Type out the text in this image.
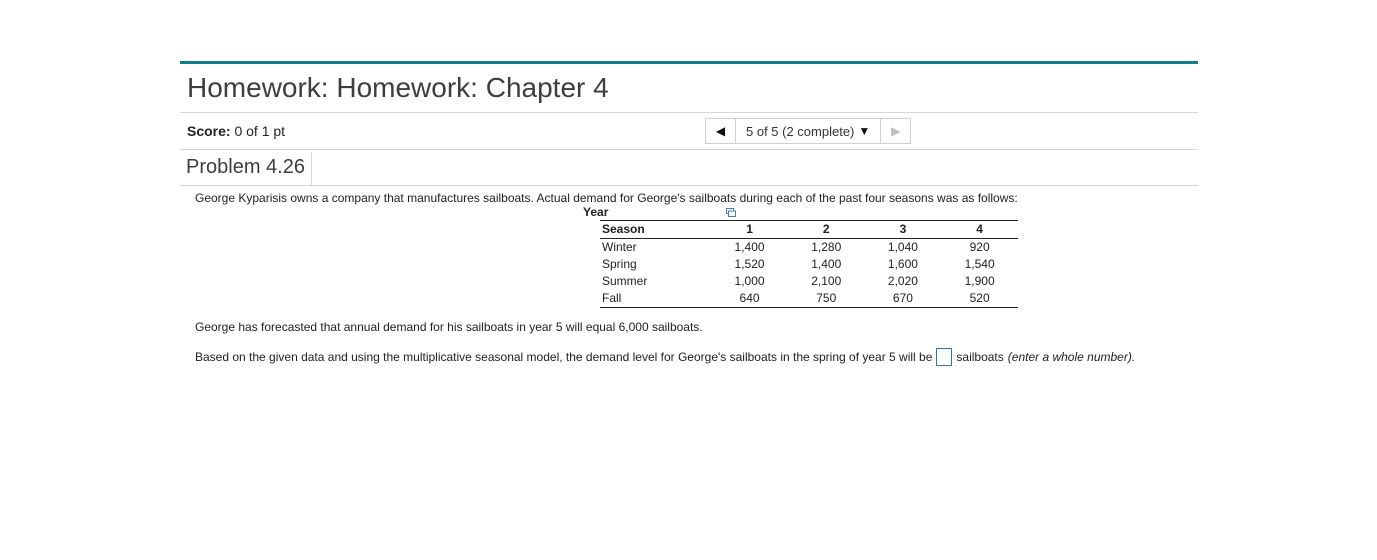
Homework: Homework: Chapter 4
Score: 0 of 1 pt	◀ 5 of 5 (2 complete) ▼ ▶
Problem 4.26
George Kyparisis owns a company that manufactures sailboats. Actual demand for George's sailboats during each of the past four seasons was as follows:
Year
Season	1	2	3	4
Winter	1,400	1,280	1,040	920
Spring	1,520	1,400	1,600	1,540
Summer	1,000	2,100	2,020	1,900
Fall	640	750	670	520
George has forecasted that annual demand for his sailboats in year 5 will equal 6,000 sailboats.
Based on the given data and using the multiplicative seasonal model, the demand level for George's sailboats in the spring of year 5 will be sailboats (enter a whole number).
